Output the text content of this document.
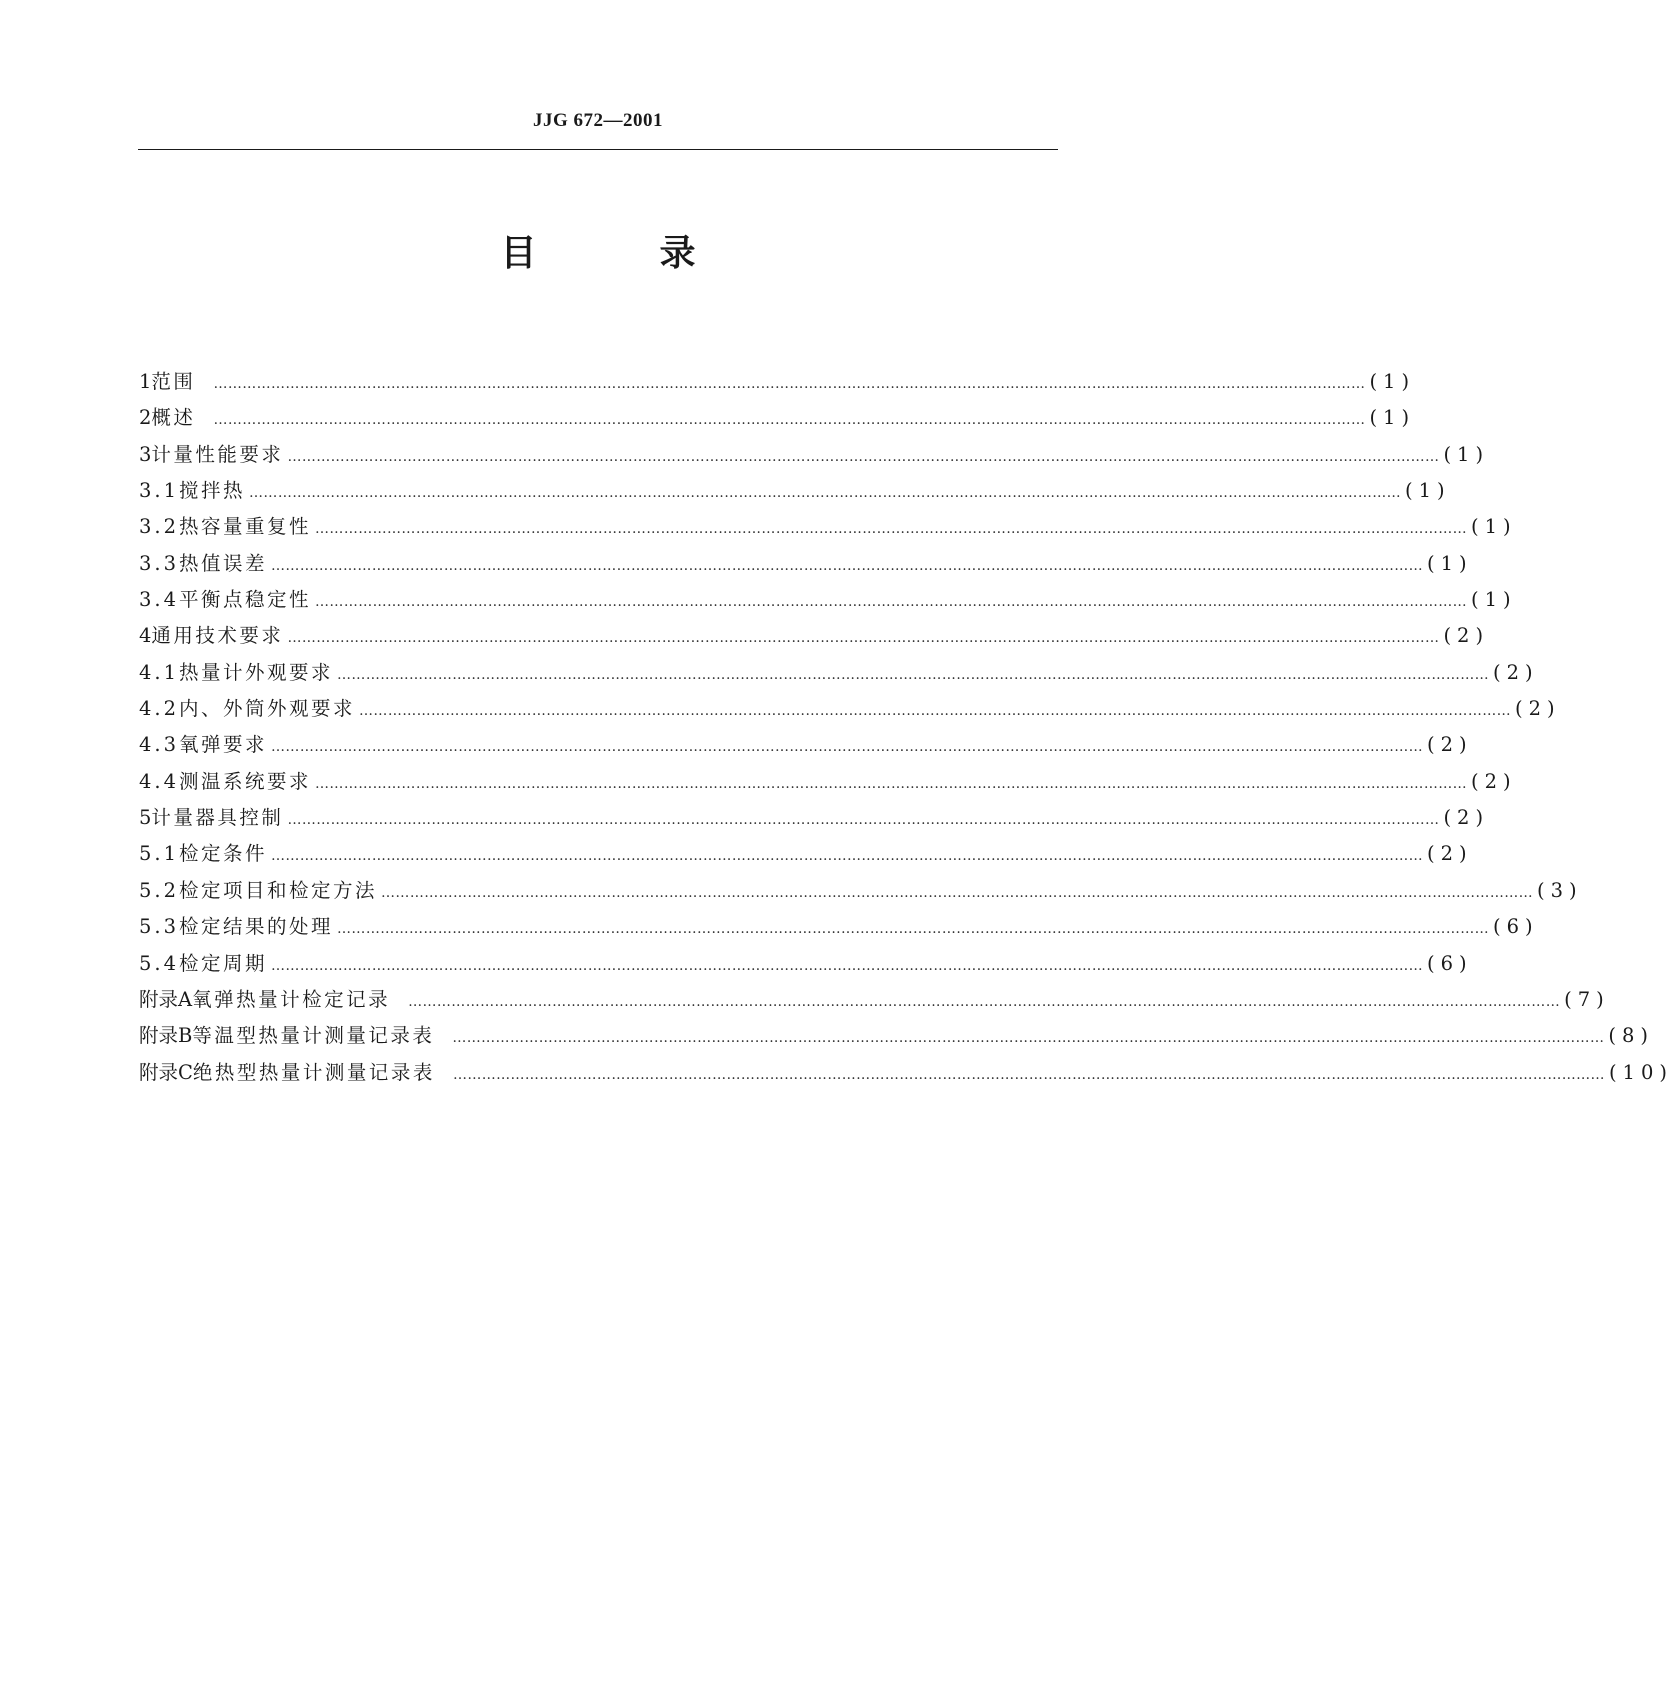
JJG 672—2001
目	录
1 范围 …………………………………………………………………………………………………………………………………………………………………………………………………………………… (1)
2 概述 …………………………………………………………………………………………………………………………………………………………………………………………………………………… (1)
3 计量性能要求 …………………………………………………………………………………………………………………………………………………………………………………………………………………… (1)
3.1 搅拌热 …………………………………………………………………………………………………………………………………………………………………………………………………………………… (1)
3.2 热容量重复性 …………………………………………………………………………………………………………………………………………………………………………………………………………………… (1)
3.3 热值误差 …………………………………………………………………………………………………………………………………………………………………………………………………………………… (1)
3.4 平衡点稳定性 …………………………………………………………………………………………………………………………………………………………………………………………………………………… (1)
4 通用技术要求 …………………………………………………………………………………………………………………………………………………………………………………………………………………… (2)
4.1 热量计外观要求 …………………………………………………………………………………………………………………………………………………………………………………………………………………… (2)
4.2 内、外筒外观要求 …………………………………………………………………………………………………………………………………………………………………………………………………………………… (2)
4.3 氧弹要求 …………………………………………………………………………………………………………………………………………………………………………………………………………………… (2)
4.4 测温系统要求 …………………………………………………………………………………………………………………………………………………………………………………………………………………… (2)
5 计量器具控制 …………………………………………………………………………………………………………………………………………………………………………………………………………………… (2)
5.1 检定条件 …………………………………………………………………………………………………………………………………………………………………………………………………………………… (2)
5.2 检定项目和检定方法 …………………………………………………………………………………………………………………………………………………………………………………………………………………… (3)
5.3 检定结果的处理 …………………………………………………………………………………………………………………………………………………………………………………………………………………… (6)
5.4 检定周期 …………………………………………………………………………………………………………………………………………………………………………………………………………………… (6)
附录A 氧弹热量计检定记录 …………………………………………………………………………………………………………………………………………………………………………………………………………………… (7)
附录B 等温型热量计测量记录表 …………………………………………………………………………………………………………………………………………………………………………………………………………………… (8)
附录C 绝热型热量计测量记录表 …………………………………………………………………………………………………………………………………………………………………………………………………………………… (10)
